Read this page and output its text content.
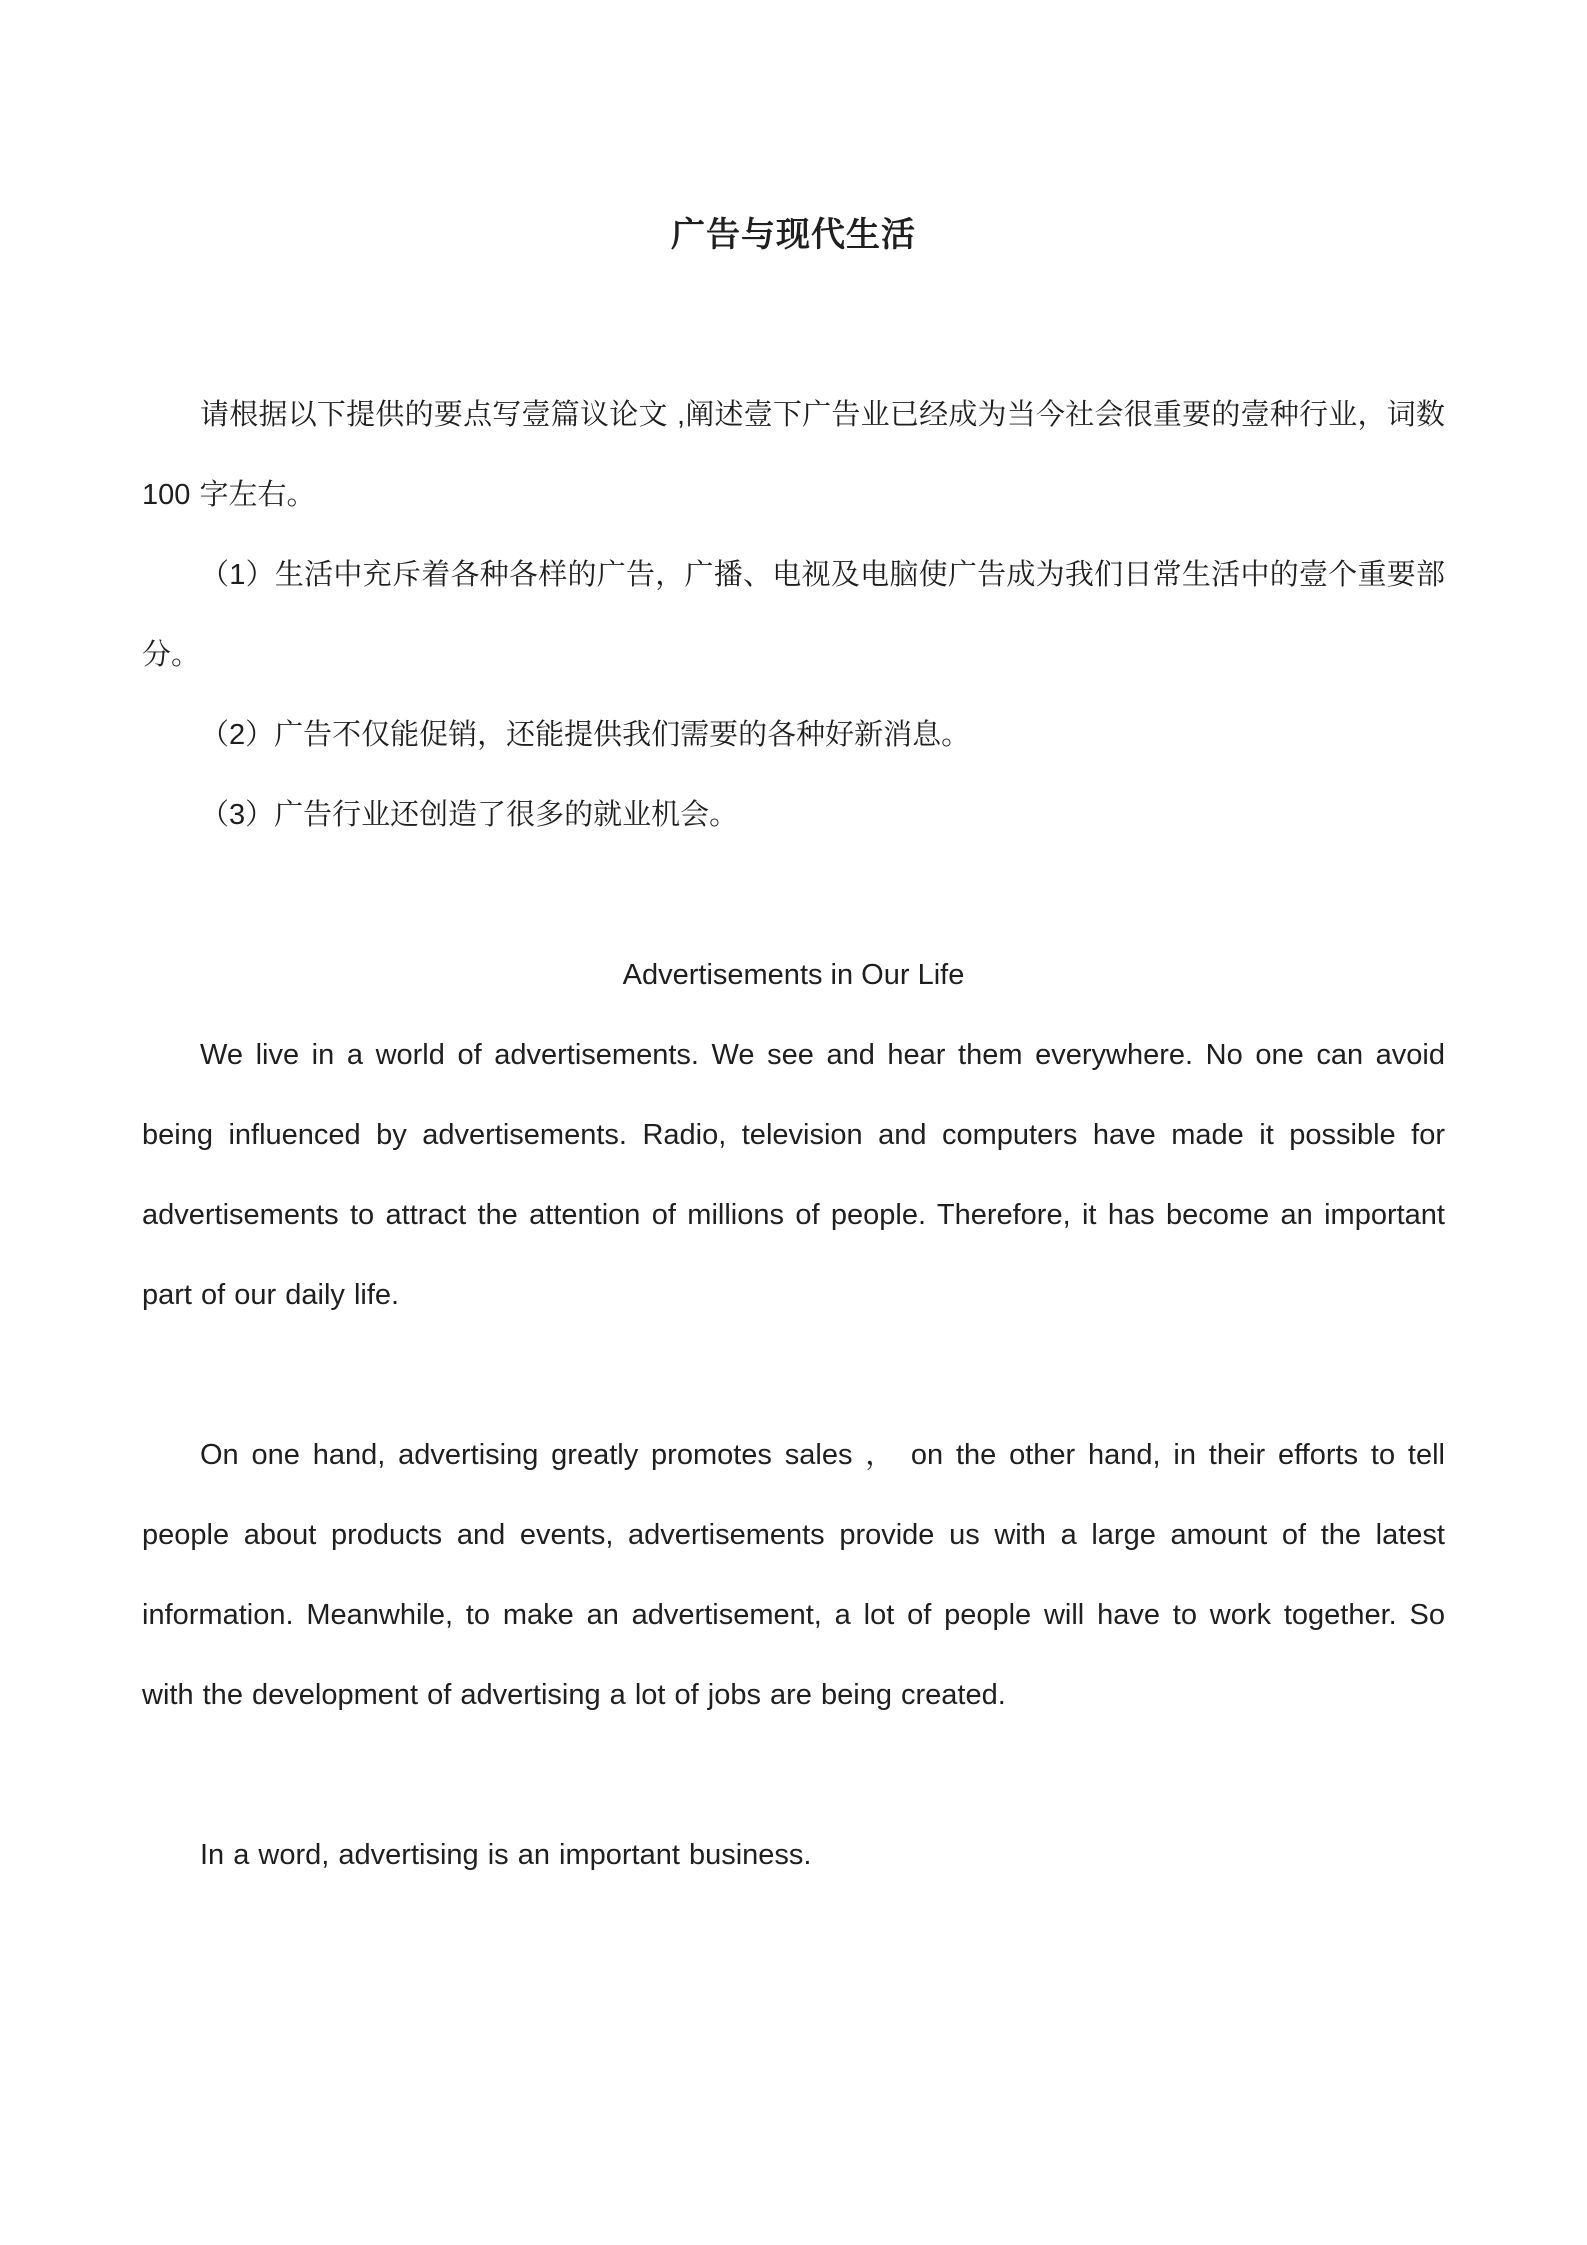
广告与现代生活

请根据以下提供的要点写壹篇议论文 ,阐述壹下广告业已经成为当今社会很重要的壹种行业，词数 100 字左右。

（1）生活中充斥着各种各样的广告，广播、电视及电脑使广告成为我们日常生活中的壹个重要部分。

（2）广告不仅能促销，还能提供我们需要的各种好新消息。

（3）广告行业还创造了很多的就业机会。

Advertisements in Our Life

We live in a world of advertisements. We see and hear them everywhere. No one can avoid being influenced by advertisements. Radio, television and computers have made it possible for advertisements to attract the attention of millions of people. Therefore, it has become an important part of our daily life.

On one hand, advertising greatly promotes sales ， on the other hand, in their efforts to tell people about products and events, advertisements provide us with a large amount of the latest information. Meanwhile, to make an advertisement, a lot of people will have to work together. So with the development of advertising a lot of jobs are being created.

In a word, advertising is an important business.
